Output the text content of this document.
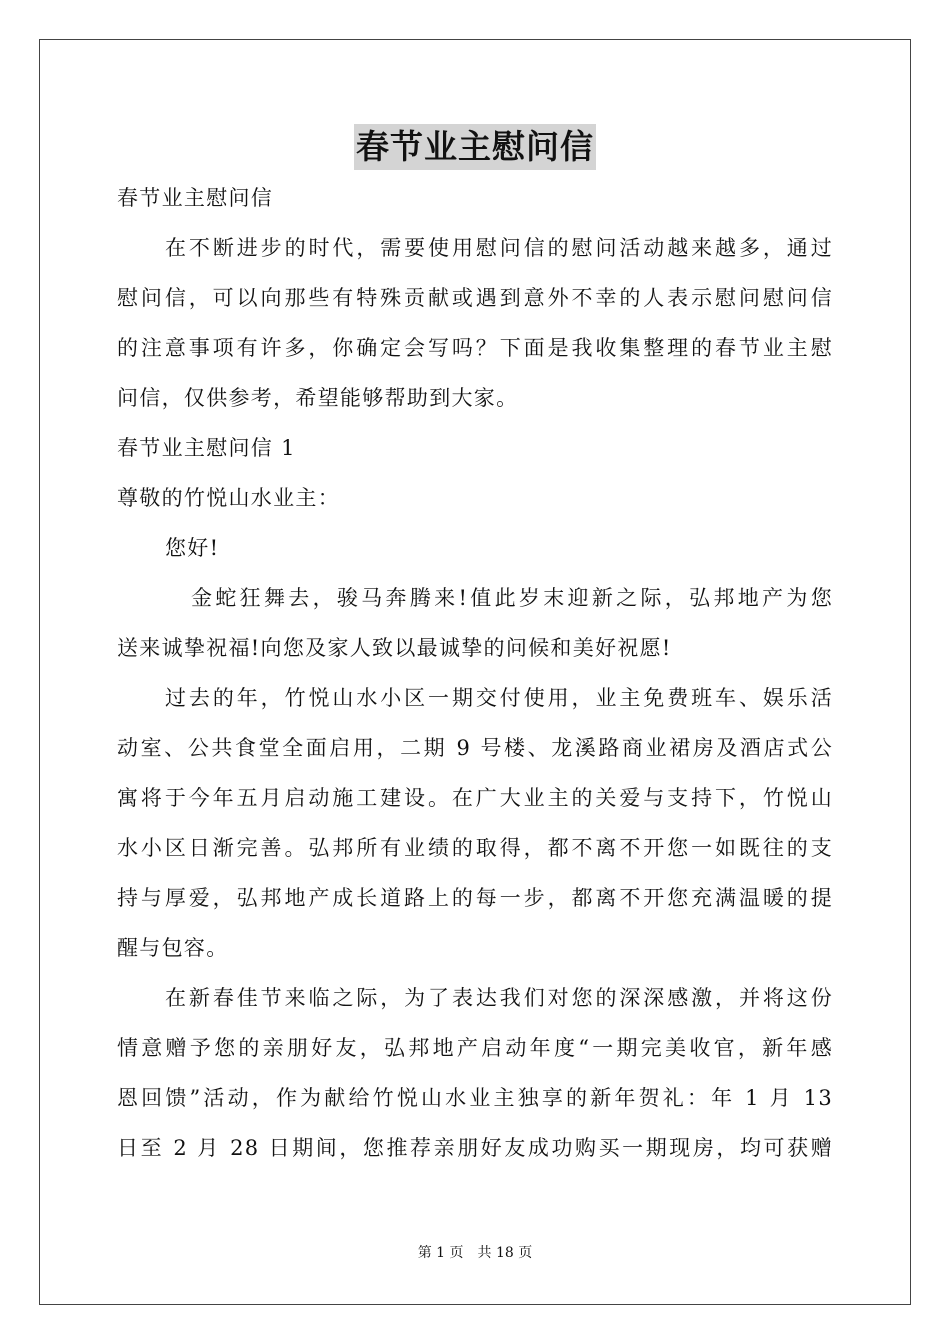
春节业主慰问信
春节业主慰问信
在不断进步的时代，需要使用慰问信的慰问活动越来越多，通过
慰问信，可以向那些有特殊贡献或遇到意外不幸的人表示慰问慰问信
的注意事项有许多，你确定会写吗？下面是我收集整理的春节业主慰
问信，仅供参考，希望能够帮助到大家。
春节业主慰问信 1
尊敬的竹悦山水业主：
您好!
金蛇狂舞去，骏马奔腾来!值此岁末迎新之际，弘邦地产为您
送来诚挚祝福!向您及家人致以最诚挚的问候和美好祝愿!
过去的年，竹悦山水小区一期交付使用，业主免费班车、娱乐活
动室、公共食堂全面启用，二期 9 号楼、龙溪路商业裙房及酒店式公
寓将于今年五月启动施工建设。在广大业主的关爱与支持下，竹悦山
水小区日渐完善。弘邦所有业绩的取得，都不离不开您一如既往的支
持与厚爱，弘邦地产成长道路上的每一步，都离不开您充满温暖的提
醒与包容。
在新春佳节来临之际，为了表达我们对您的深深感激，并将这份
情意赠予您的亲朋好友，弘邦地产启动年度“一期完美收官，新年感
恩回馈”活动，作为献给竹悦山水业主独享的新年贺礼：年 1 月 13
日至 2 月 28 日期间，您推荐亲朋好友成功购买一期现房，均可获赠
第 1 页　共 18 页
